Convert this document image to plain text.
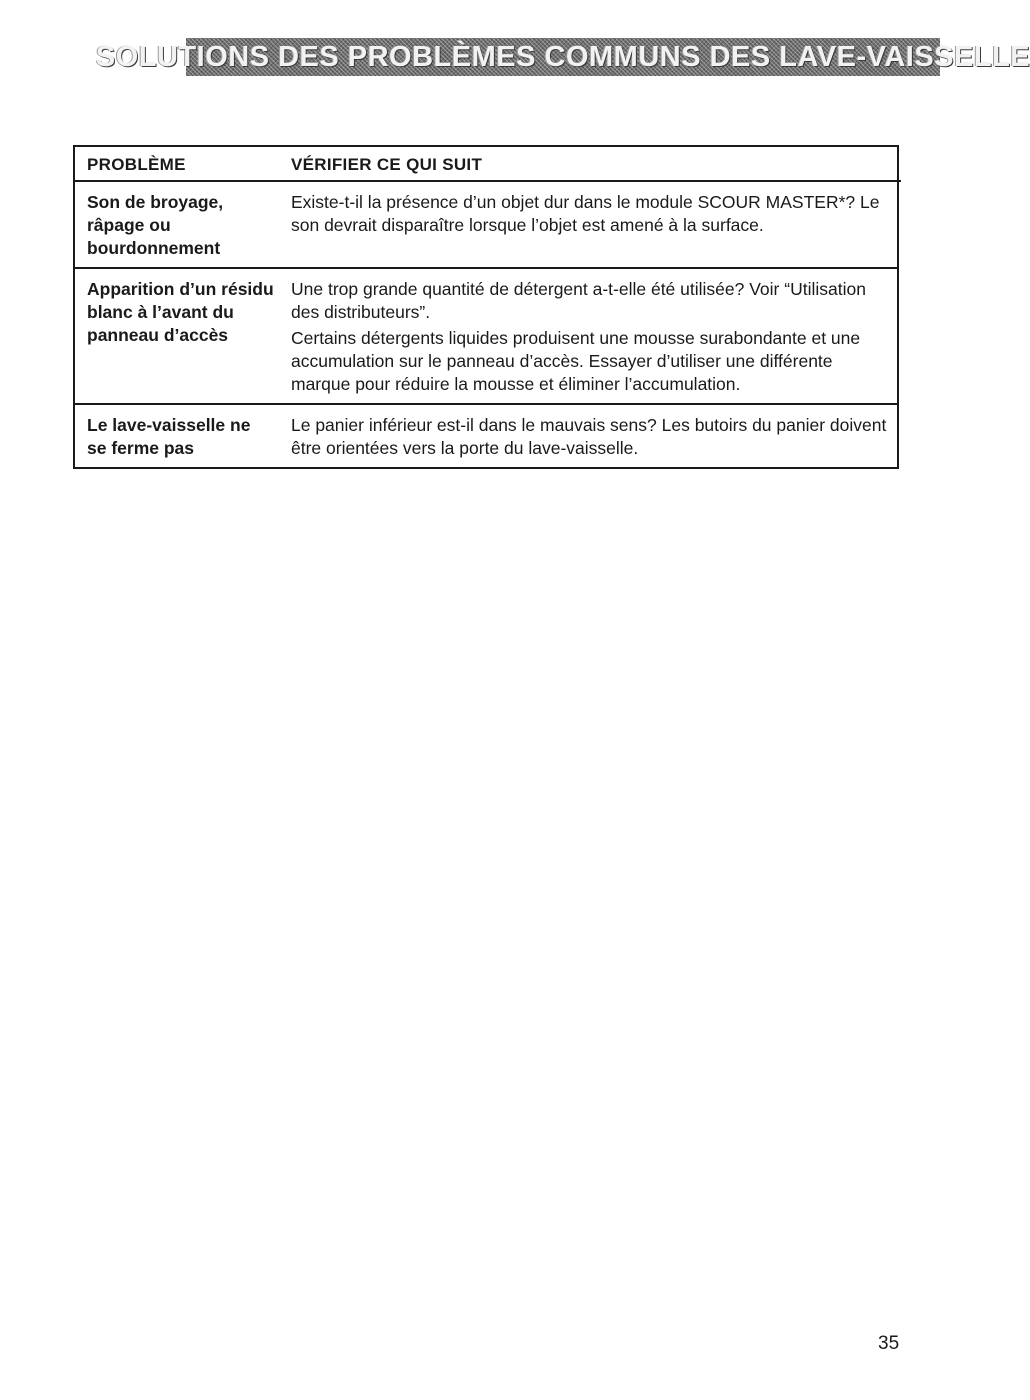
SOLUTIONS DES PROBLÈMES COMMUNS DES LAVE-VAISSELLE
PROBLÈME	VÉRIFIER CE QUI SUIT
Son de broyage, râpage ou bourdonnement

Existe-t-il la présence d’un objet dur dans le module SCOUR MASTER*? Le son devrait disparaître lorsque l’objet est amené à la surface.

Apparition d’un résidu blanc à l’avant du panneau d’accès

Une trop grande quantité de détergent a-t-elle été utilisée? Voir “Utilisation des distributeurs”.

Certains détergents liquides produisent une mousse surabondante et une accumulation sur le panneau d’accès. Essayer d’utiliser une différente marque pour réduire la mousse et éliminer l’accumulation.

Le lave-vaisselle ne se ferme pas

Le panier inférieur est-il dans le mauvais sens? Les butoirs du panier doivent être orientées vers la porte du lave-vaisselle.

35
